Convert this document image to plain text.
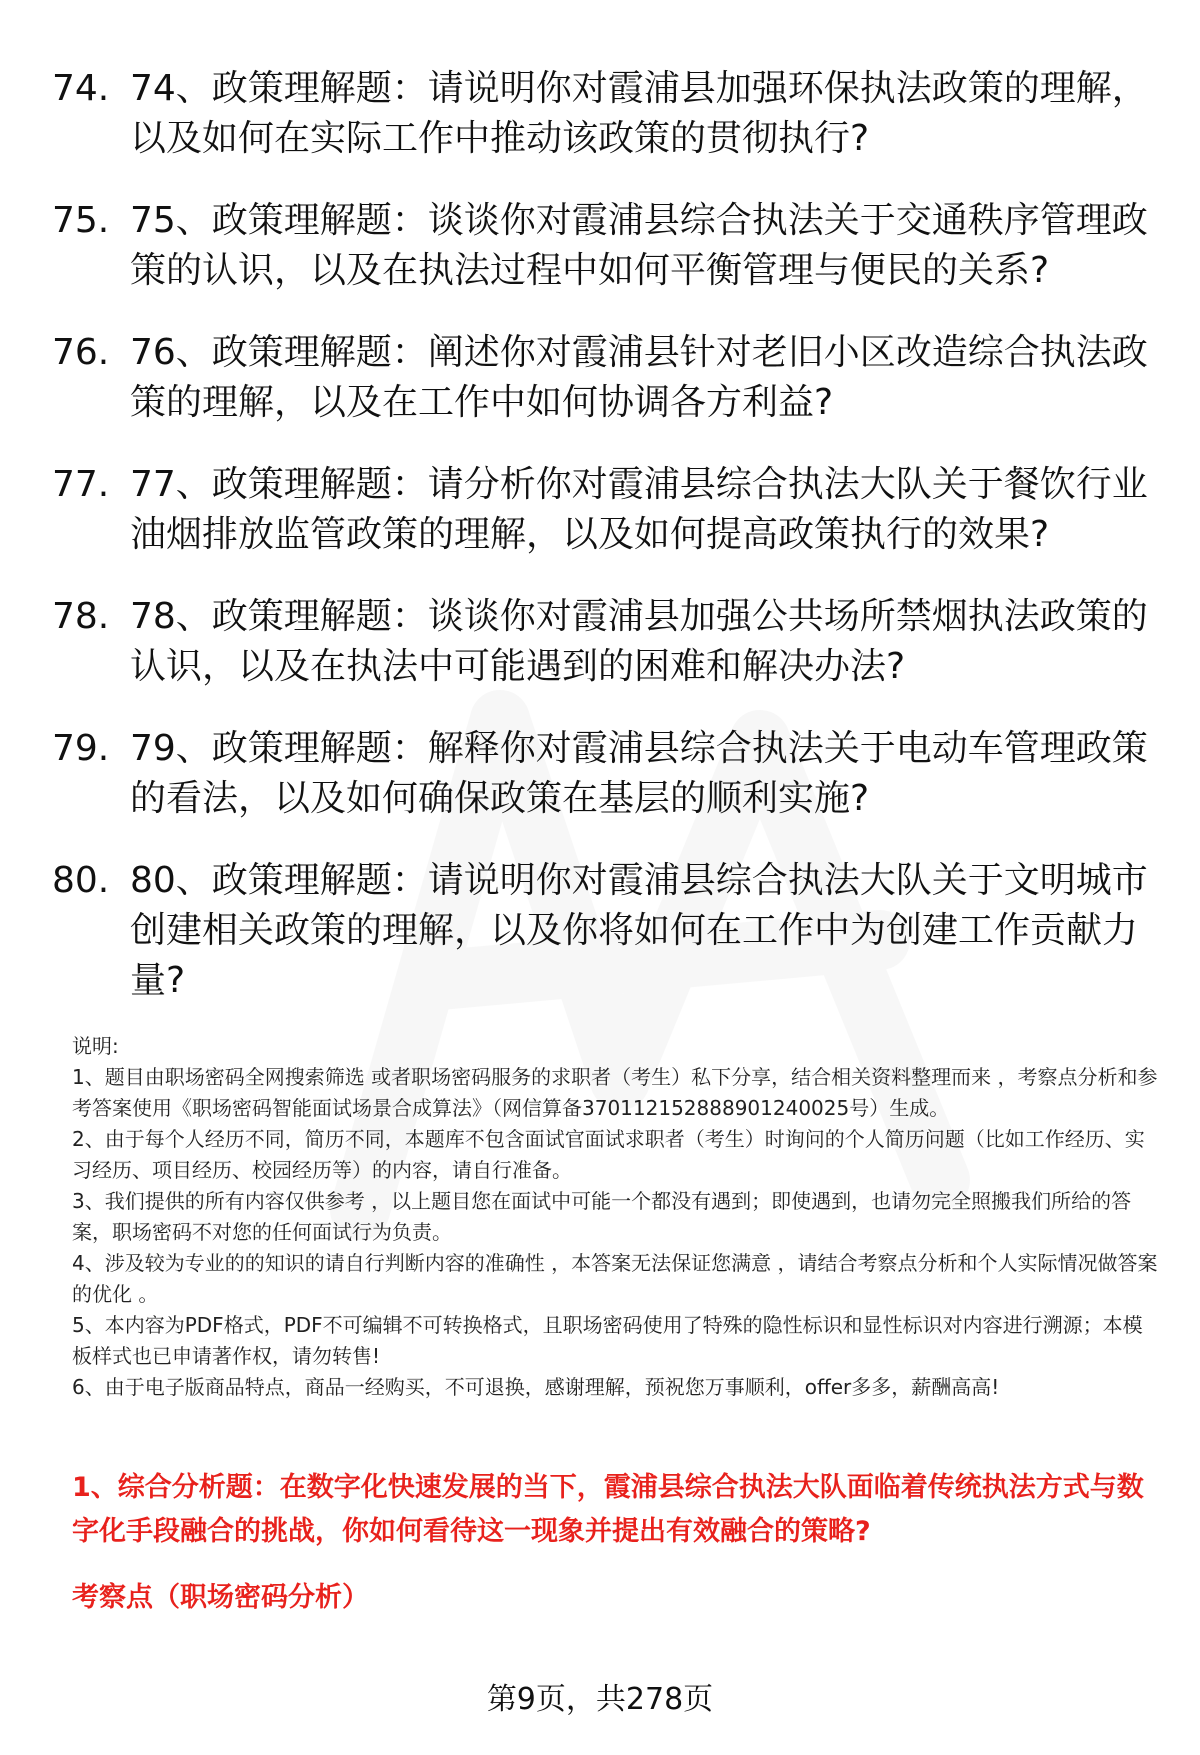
74. 74、政策理解题：请说明你对霞浦县加强环保执法政策的理解，以及如何在实际工作中推动该政策的贯彻执行?
75. 75、政策理解题：谈谈你对霞浦县综合执法关于交通秩序管理政策的认识，以及在执法过程中如何平衡管理与便民的关系?
76. 76、政策理解题：阐述你对霞浦县针对老旧小区改造综合执法政策的理解，以及在工作中如何协调各方利益?
77. 77、政策理解题：请分析你对霞浦县综合执法大队关于餐饮行业油烟排放监管政策的理解，以及如何提高政策执行的效果?
78. 78、政策理解题：谈谈你对霞浦县加强公共场所禁烟执法政策的认识，以及在执法中可能遇到的困难和解决办法?
79. 79、政策理解题：解释你对霞浦县综合执法关于电动车管理政策的看法，以及如何确保政策在基层的顺利实施?
80. 80、政策理解题：请说明你对霞浦县综合执法大队关于文明城市创建相关政策的理解，以及你将如何在工作中为创建工作贡献力量?

说明:

1、题目由职场密码全网搜索筛选 或者职场密码服务的求职者（考生）私下分享，结合相关资料整理而来 ，考察点分析和参考答案使用《职场密码智能面试场景合成算法》（网信算备370112152888901240025号）生成。

2、由于每个人经历不同，简历不同，本题库不包含面试官面试求职者（考生）时询问的个人简历问题（比如工作经历、实习经历、项目经历、校园经历等）的内容，请自行准备。

3、我们提供的所有内容仅供参考 ，以上题目您在面试中可能一个都没有遇到；即使遇到，也请勿完全照搬我们所给的答案，职场密码不对您的任何面试行为负责。

4、涉及较为专业的的知识的请自行判断内容的准确性 ，本答案无法保证您满意 ，请结合考察点分析和个人实际情况做答案的优化 。

5、本内容为PDF格式，PDF不可编辑不可转换格式，且职场密码使用了特殊的隐性标识和显性标识对内容进行溯源；本模板样式也已申请著作权，请勿转售!

6、由于电子版商品特点，商品一经购买，不可退换，感谢理解，预祝您万事顺利，offer多多，薪酬高高!

1、综合分析题：在数字化快速发展的当下，霞浦县综合执法大队面临着传统执法方式与数字化手段融合的挑战，你如何看待这一现象并提出有效融合的策略?
考察点（职场密码分析）
第9页，共278页
